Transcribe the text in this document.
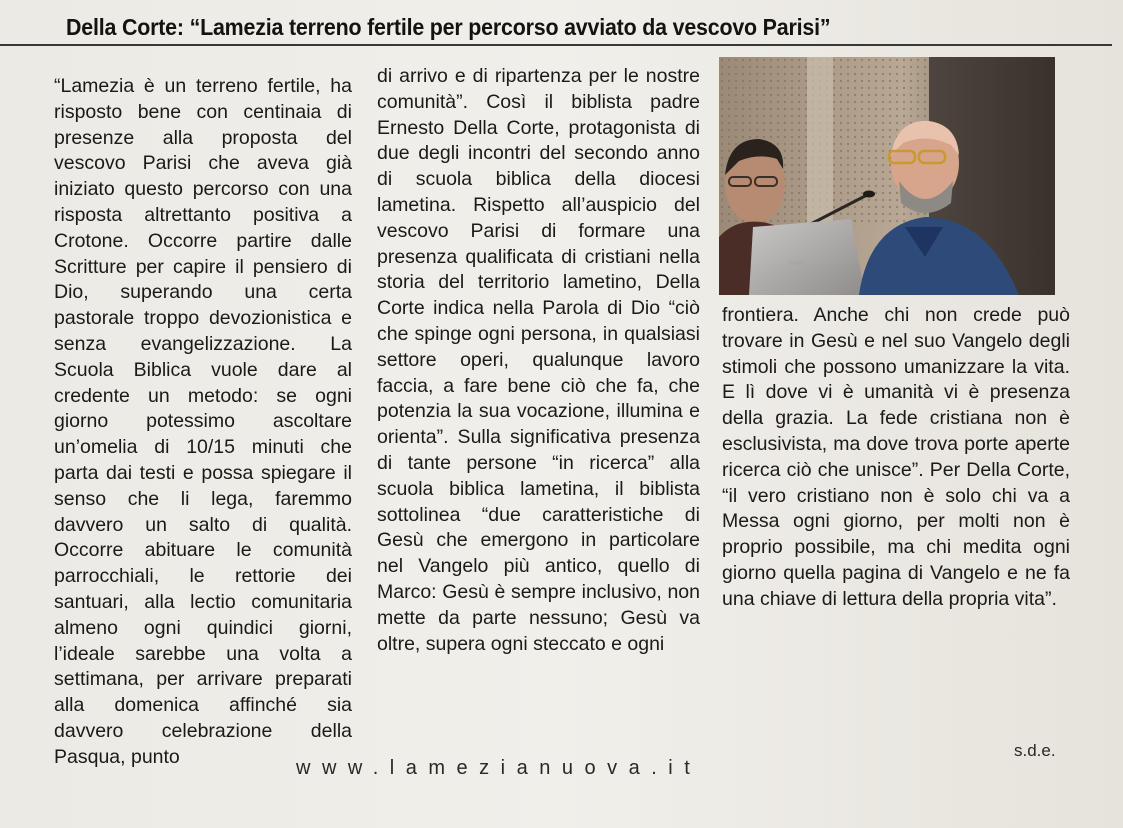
Della Corte: “Lamezia terreno fertile per percorso avviato da vescovo Parisi”

“Lamezia è un terreno fertile, ha risposto bene con centinaia di presenze alla proposta del vescovo Parisi che aveva già iniziato questo percorso con una risposta altrettanto positiva a Crotone. Occorre partire dalle Scritture per capire il pensiero di Dio, superando una certa pastorale troppo devozionistica e senza evangelizzazione. La Scuola Biblica vuole dare al credente un metodo: se ogni giorno potessimo ascoltare un’omelia di 10/15 minuti che parta dai testi e possa spiegare il senso che li lega, faremmo davvero un salto di qualità. Occorre abituare le comunità parrocchiali, le rettorie dei santuari, alla lectio comunitaria almeno ogni quindici giorni, l’ideale sarebbe una volta a settimana, per arrivare preparati alla domenica affinché sia davvero celebrazione della Pasqua, punto

di arrivo e di ripartenza per le nostre comunità”. Così il biblista padre Ernesto Della Corte, protagonista di due degli incontri del secondo anno di scuola biblica della diocesi lametina. Rispetto all’auspicio del vescovo Parisi di formare una presenza qualificata di cristiani nella storia del territorio lametino, Della Corte indica nella Parola di Dio “ciò che spinge ogni persona, in qualsiasi settore operi, qualunque lavoro faccia, a fare bene ciò che fa, che potenzia la sua vocazione, illumina e orienta”. Sulla significativa presenza di tante persone “in ricerca” alla scuola biblica lametina, il biblista sottolinea “due caratteristiche di Gesù che emergono in particolare nel Vangelo più antico, quello di Marco: Gesù è sempre inclusivo, non mette da parte nessuno; Gesù va oltre, supera ogni steccato e ogni

frontiera. Anche chi non crede può trovare in Gesù e nel suo Vangelo degli stimoli che possono umanizzare la vita. E lì dove vi è umanità vi è presenza della grazia. La fede cristiana non è esclusivista, ma dove trova porte aperte ricerca ciò che unisce”. Per Della Corte, “il vero cristiano non è solo chi va a Messa ogni giorno, per molti non è proprio possibile, ma chi medita ogni giorno quella pagina di Vangelo e ne fa una chiave di lettura della propria vita”.

s.d.e.
www.lamezianuova.it
